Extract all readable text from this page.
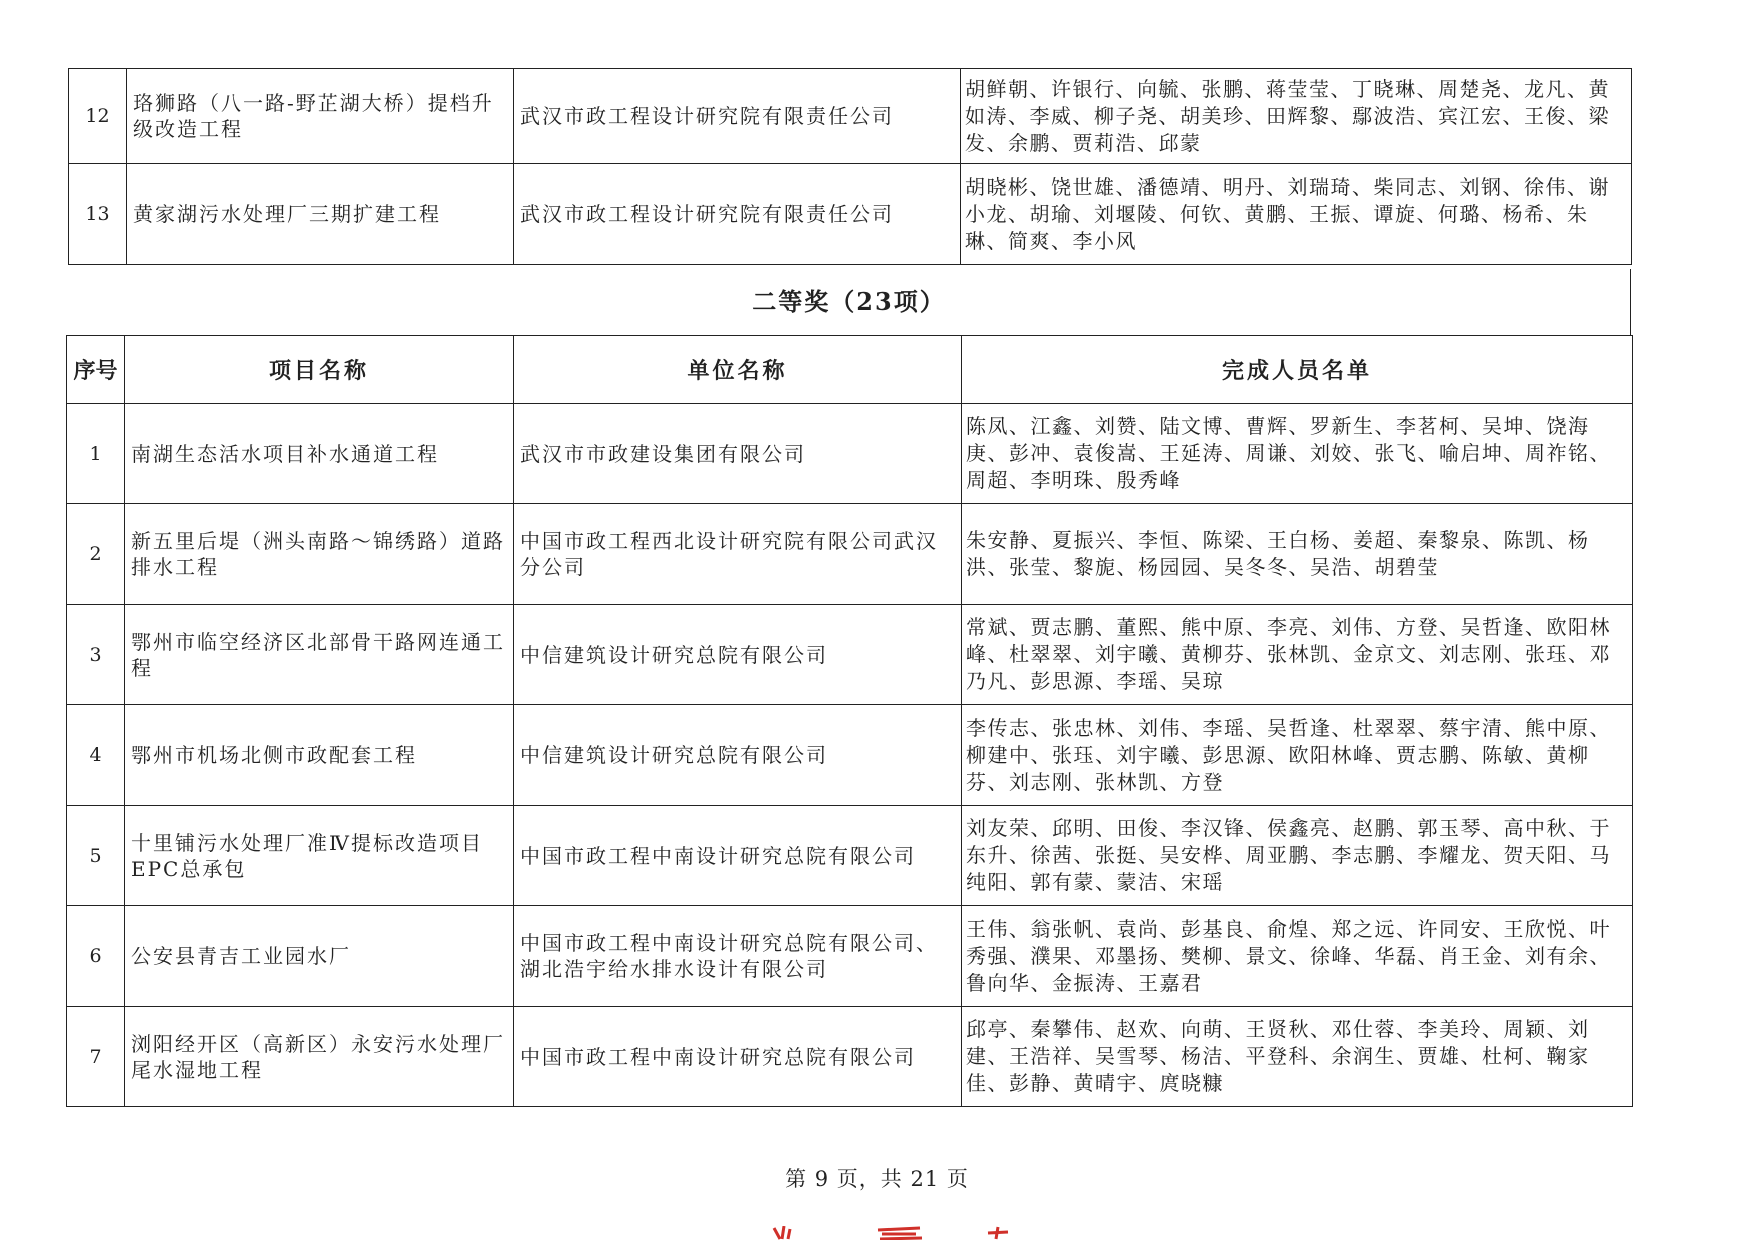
12	珞狮路（八一路-野芷湖大桥）提档升级改造工程	武汉市政工程设计研究院有限责任公司	胡鲜朝、许银行、向毓、张鹏、蒋莹莹、丁晓琳、周楚尧、龙凡、黄如涛、李威、柳子尧、胡美珍、田辉黎、鄢波浩、宾江宏、王俊、梁发、余鹏、贾莉浩、邱蒙
13	黄家湖污水处理厂三期扩建工程	武汉市政工程设计研究院有限责任公司	胡晓彬、饶世雄、潘德靖、明丹、刘瑞琦、柴同志、刘钢、徐伟、谢小龙、胡瑜、刘堰陵、何钦、黄鹏、王振、谭旋、何璐、杨希、朱琳、简爽、李小风
二等奖（23项）
序号	项目名称	单位名称	完成人员名单
1	南湖生态活水项目补水通道工程	武汉市市政建设集团有限公司	陈凤、江鑫、刘赞、陆文博、曹辉、罗新生、李茗柯、吴坤、饶海庚、彭冲、袁俊嵩、王延涛、周谦、刘姣、张飞、喻启坤、周祚铭、周超、李明珠、殷秀峰
2	新五里后堤（洲头南路～锦绣路）道路排水工程	中国市政工程西北设计研究院有限公司武汉分公司	朱安静、夏振兴、李恒、陈梁、王白杨、姜超、秦黎泉、陈凯、杨洪、张莹、黎旎、杨园园、吴冬冬、吴浩、胡碧莹
3	鄂州市临空经济区北部骨干路网连通工程	中信建筑设计研究总院有限公司	常斌、贾志鹏、董熙、熊中原、李亮、刘伟、方登、吴哲逢、欧阳林峰、杜翠翠、刘宇曦、黄柳芬、张林凯、金京文、刘志刚、张珏、邓乃凡、彭思源、李瑶、吴琼
4	鄂州市机场北侧市政配套工程	中信建筑设计研究总院有限公司	李传志、张忠林、刘伟、李瑶、吴哲逢、杜翠翠、蔡宇清、熊中原、柳建中、张珏、刘宇曦、彭思源、欧阳林峰、贾志鹏、陈敏、黄柳芬、刘志刚、张林凯、方登
5	十里铺污水处理厂准Ⅳ提标改造项目EPC总承包	中国市政工程中南设计研究总院有限公司	刘友荣、邱明、田俊、李汉锋、侯鑫亮、赵鹏、郭玉琴、高中秋、于东升、徐茜、张挺、吴安桦、周亚鹏、李志鹏、李耀龙、贺天阳、马纯阳、郭有蒙、蒙洁、宋瑶
6	公安县青吉工业园水厂	中国市政工程中南设计研究总院有限公司、湖北浩宇给水排水设计有限公司	王伟、翁张帆、袁尚、彭基良、俞煌、郑之远、许同安、王欣悦、叶秀强、濮果、邓墨扬、樊柳、景文、徐峰、华磊、肖王金、刘有余、鲁向华、金振涛、王嘉君
7	浏阳经开区（高新区）永安污水处理厂尾水湿地工程	中国市政工程中南设计研究总院有限公司	邱亭、秦攀伟、赵欢、向萌、王贤秋、邓仕蓉、李美玲、周颖、刘建、王浩祥、吴雪琴、杨洁、平登科、余润生、贾雄、杜柯、鞠家佳、彭静、黄晴宇、庹晓糠
第 9 页，共 21 页
